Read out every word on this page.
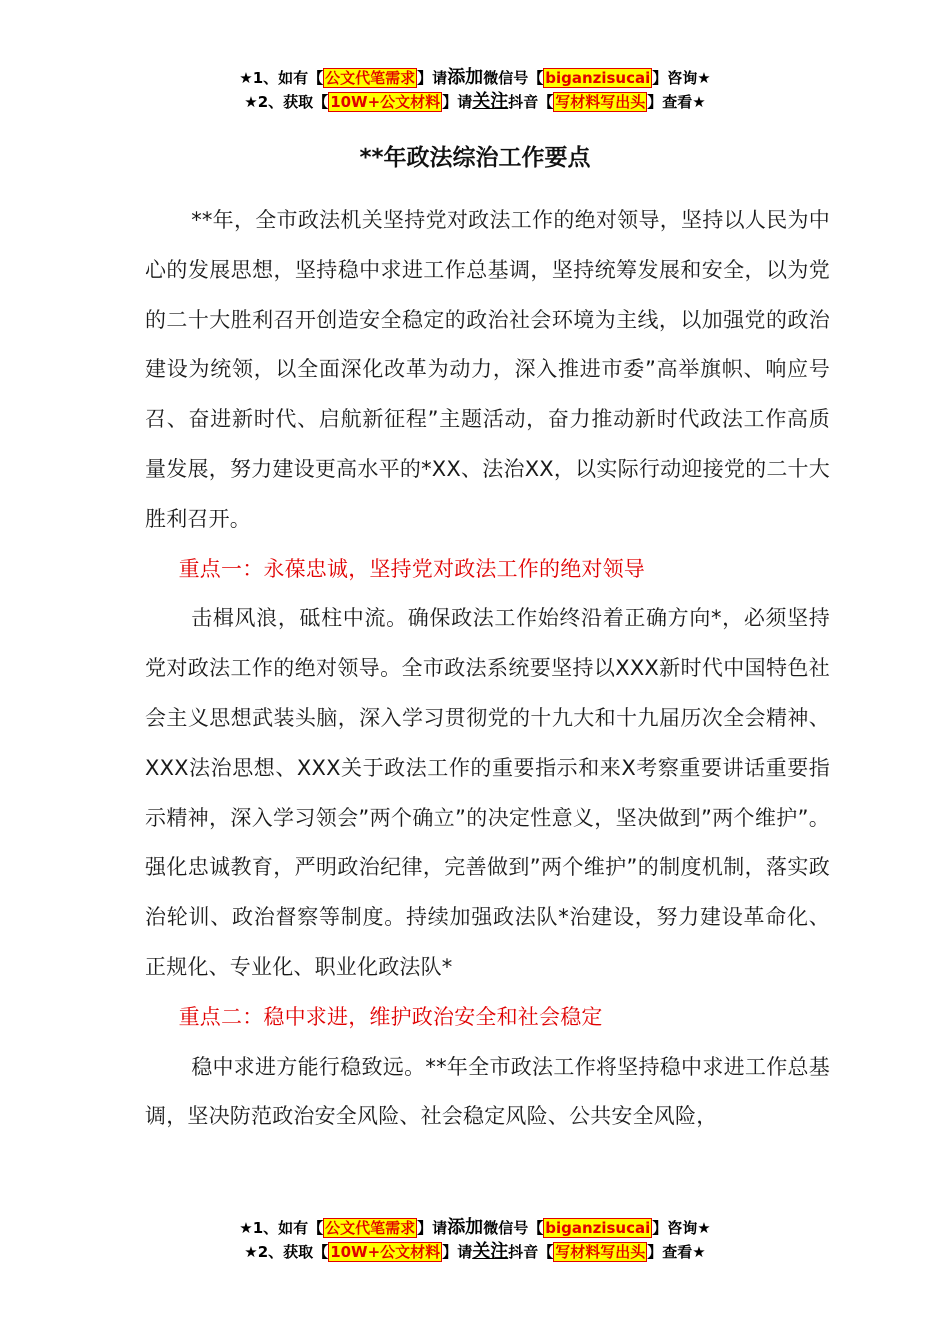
★1、如有【 公文代笔需求 】请添加微信号【 biganzisucai 】咨询★
★2、获取【 10W+公文材料 】请关注抖音【 写材料写出头 】查看★
**年政法综治工作要点

**年，全市政法机关坚持党对政法工作的绝对领导，坚持以人民为中心的发展思想，坚持稳中求进工作总基调，坚持统筹发展和安全，以为党的二十大胜利召开创造安全稳定的政治社会环境为主线，以加强党的政治建设为统领，以全面深化改革为动力，深入推进市委”高举旗帜、响应号召、奋进新时代、启航新征程”主题活动，奋力推动新时代政法工作高质量发展，努力建设更高水平的*XX、法治XX，以实际行动迎接党的二十大胜利召开。

重点一：永葆忠诚，坚持党对政法工作的绝对领导

击楫风浪，砥柱中流。确保政法工作始终沿着正确方向*，必须坚持党对政法工作的绝对领导。全市政法系统要坚持以XXX新时代中国特色社会主义思想武装头脑，深入学习贯彻党的十九大和十九届历次全会精神、XXX法治思想、XXX关于政法工作的重要指示和来X考察重要讲话重要指示精神，深入学习领会”两个确立”的决定性意义，坚决做到”两个维护”。强化忠诚教育，严明政治纪律，完善做到”两个维护”的制度机制，落实政治轮训、政治督察等制度。持续加强政法队*治建设，努力建设革命化、正规化、专业化、职业化政法队*

重点二：稳中求进，维护政治安全和社会稳定

稳中求进方能行稳致远。**年全市政法工作将坚持稳中求进工作总基调，坚决防范政治安全风险、社会稳定风险、公共安全风险，

★1、如有【 公文代笔需求 】请添加微信号【 biganzisucai 】咨询★
★2、获取【 10W+公文材料 】请关注抖音【 写材料写出头 】查看★
